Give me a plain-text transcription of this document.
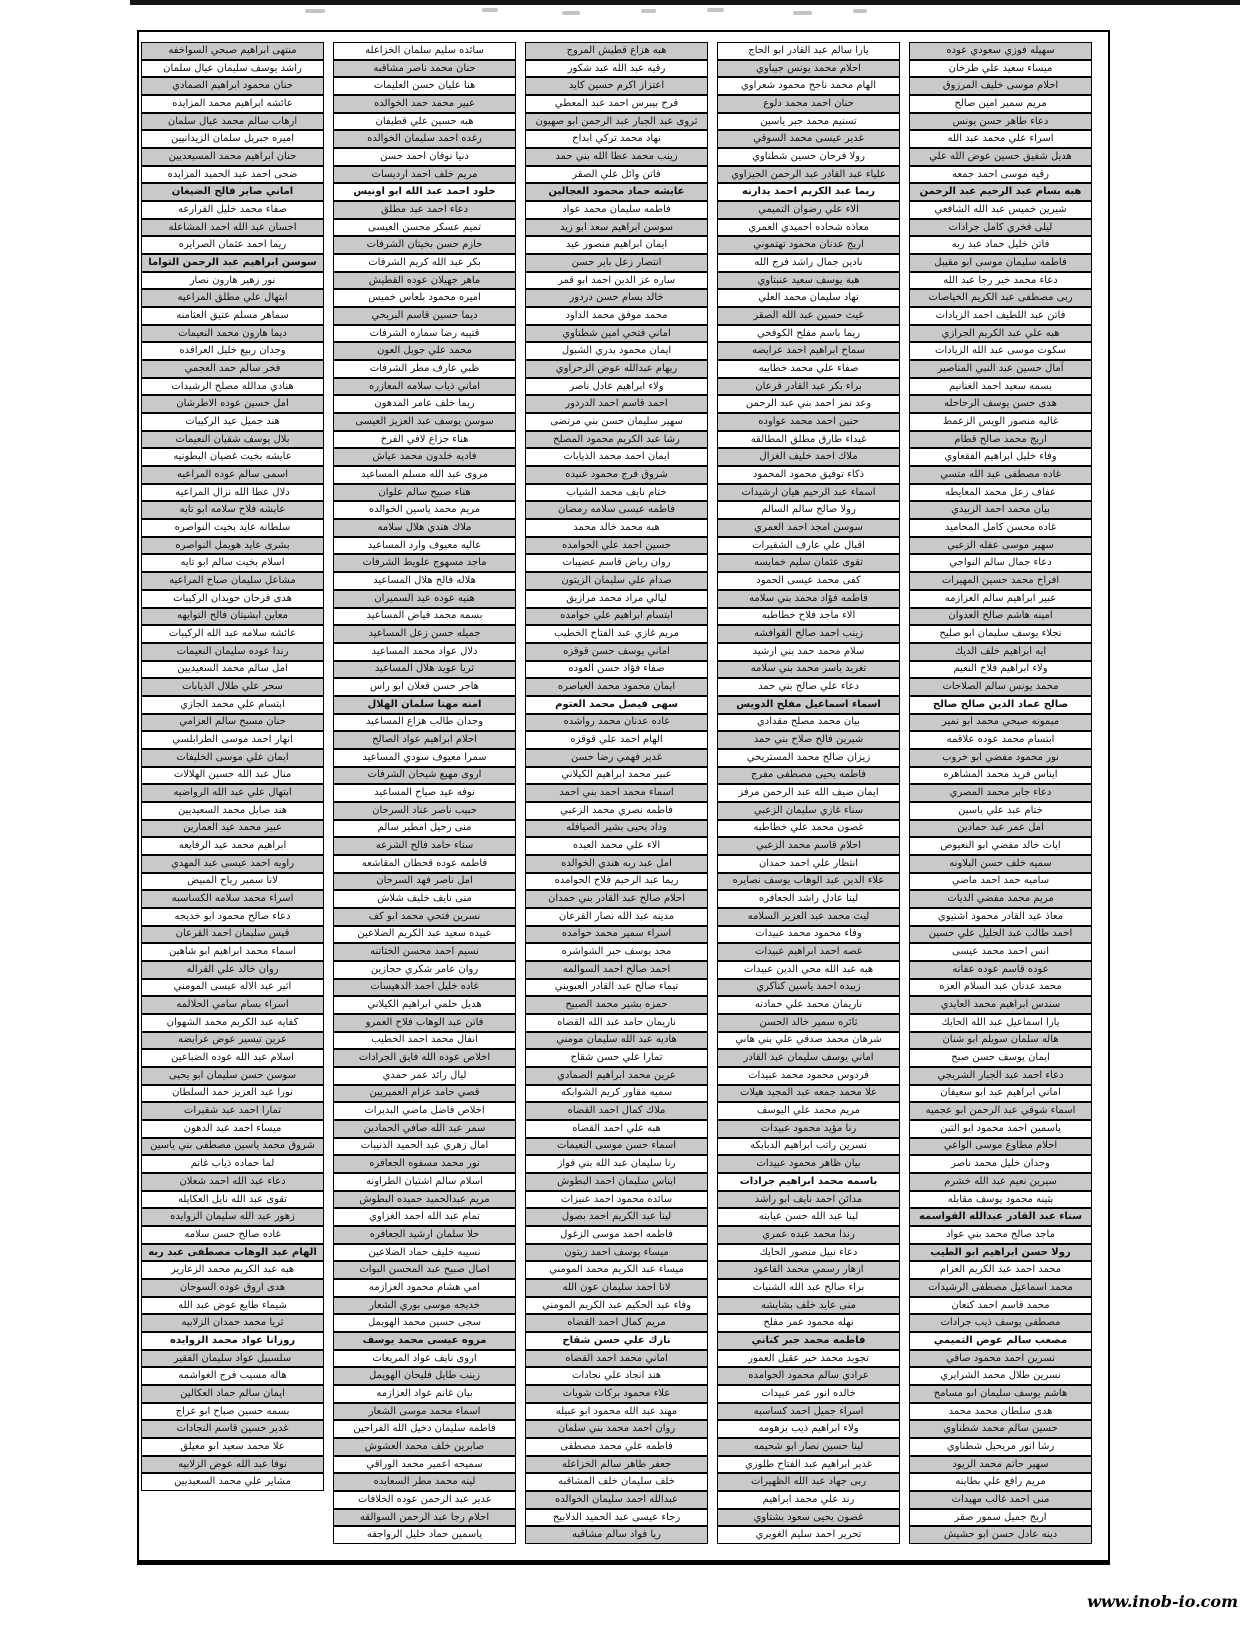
منتهى ابراهيم صبحي السواخفه
راشد يوسف سليمان عيال سلمان
حنان محمود ابراهيم الصمادي
عائشه ابراهيم محمد المزايده
ارهاب سالم محمد عيال سلمان
اميره جبريل سلمان الزيدانيين
حنان ابراهيم محمد المسيعديين
ضحى احمد عبد الحميد المزايده
اماني صابر فالح الضيغان
صفاء محمد خليل القرارعه
احسان عبد الله احمد المشاعله
ريما احمد عثمان الصرايره
سوسن ابراهيم عبد الرحمن التواما
نور زهير هارون نصار
ابتهال علي مطلق المراعيه
سماهر مسلم عتيق العثامنه
ديما هارون محمد النعيمات
وجدان ربيع خليل العرافده
فخر سالم حمد العجمي
هنادي مدالله مصلح الرشيدات
امل حسين عوده الاطرشان
هند جميل عيد الركيبات
بلال يوسف شقيان النعيمات
عايشه بخيت غضيان البطونيه
اسمى سالم عوده المراعيه
دلال عطا الله نزال المراعيه
عايشه فلاح سلامه ابو تايه
سلطانه عايد بخيت النواصره
بشرى عايد هويمل النواصره
اسلام بخيت سالم ابو تايه
مشاعل سليمان صباح المراعيه
هدى فرحان حويدان الركيبات
معاين ابشيتان فالح التوايهه
عائشه سلامه عبد الله الركيبات
رندا عوده سليمان النعيمات
امل سالم محمد السعيديين
سحر علي طلال الذيابات
ابتسام علي محمد الجازي
حنان مسبح سالم العزامي
انهار احمد موسى الطرابلسي
ايمان علي موسى الخليفات
منال عبد الله حسين الهلالات
ابتهال علي عبد الله الرواضيه
هند صايل محمد السعيديين
عبير محمد عيد العمارين
ابراهيم محمد عيد الرفايعه
راويه احمد عيسى عبد المهدي
لانا سمير رباح المبيض
اسراء محمد سلامه الكساسبه
دعاء صالح محمود ابو خديجه
قيس سليمان احمد القرعان
اسماء محمد ابراهيم ابو شاهين
روان خالد علي القراله
اثير عبد الاله عيسى المومني
اسراء بسام سامي الحلالمه
كفايه عبد الكريم محمد الشهوان
عرين تيسير عوض عرايضه
اسلام عبد الله عوده الضباعين
سوسن حسن سليمان ابو يحيى
نورا عبد العزيز حمد السلطان
تمارا احمد عبد شقيرات
ميساء احمد عيد الدهون
شروق محمد ياسين مصطفى بني ياسين
لما حماده ذياب غانم
دعاء عبد الله احمد شعلان
تقوى عبد الله نايل العكايله
زهور عبد الله سليمان الزوايده
غاده صالح حسن سلامه
الهام عبد الوهاب مصطفى عبد ربه
هبه عبد الكريم محمد الزعارير
هدى اروق عوده السوحان
شيماء طايع عوض عبد الله
ثريا محمد حمدان الزلابيه
روزانا عواد محمد الزوايده
سلسبيل عواد سليمان الفقير
هاله مسيب فرج الغواشمه
ايمان سالم حماد العكالين
بسمه حسين صباح ابو عراج
غدير حسين قاسم النجادات
علا محمد سعيد ابو معيلق
نوفا عبد الله عوض الزلابيه
مشاير علي محمد السعيديين
سائده سليم سلمان الخزاعله
حنان محمد ناصر مشاقبه
هنا عليان حسن العليمات
عبير محمد حمد الخوالده
هبه حسين علي قطيفان
رغده احمد سليمان الخوالده
دنيا نوفان احمد حسن
مريم خلف احمد ارديسات
خلود احمد عبد الله ابو اونيس
دعاء احمد عبد مطلق
تميم عسكر محسن العيسى
حازم حسن بخيتان الشرفات
بكر عبد الله كريم الشرفات
ماهر جهيلان عوده القطيش
اميره محمود بلعاس خميس
ديما حسين قاسم البريحي
قتيبه رضا سماره الشرفات
محمد علي جويل العون
ظبي عارف مطر الشرفات
اماني ذياب سلامه المعازره
ريما خلف عامر المدهون
سوسن يوسف عبد العزيز العيسى
هناء جزاع لافي الفرخ
فاديه خلدون محمد عياش
مروى عبد الله مسلم المساعيد
هناء صبيح سالم علوان
مريم محمد ياسين الخوالده
ملاك هندي هلال سلامه
عاليه معيوف وارد المساعيد
ماجد مسهوج علويط الشرفات
هلاله فالح هلال المساعيد
هنيه عوده عيد السميران
بسمه محمد فياض المساعيد
جميله حسن زعل المساعيد
دلال عواد محمد المساعيد
ثريا عويد هلال المساعيد
هاجر حسن قعلان ابو راس
امنه مهنا سلمان الهلال
وجدان طالب هزاع المساعيد
احلام ابراهيم عواد الصالح
سمرا معيوف سودي المساعيد
اروى مهيع شيحان الشرفات
نوفه عيد صياح المساعيد
حبيب ناصر عناد السرحان
منى رحيل امطير سالم
سناء حامد فالح الشرعه
فاطمه عوده قحطان المقاشعه
امل ناصر فهد السرحان
منى نايف خليف شلاش
نسرين فتحي محمد ابو كف
عبيده سعيد عبد الكريم الضلاعين
نسيم احمد محسن الختاتنه
روان عامر شكري حجازين
غاده خليل احمد الدهيسات
هديل حلمي ابراهيم الكيلاني
فاتن عبد الوهاب فلاح العمرو
انفال محمد احمد الخطيب
اخلاص عوده الله فايق الجرادات
ليال رائد عمر حمدي
قصي حامد عزام العميريين
اخلاص فاضل ماضي البديرات
سمر عبد الله صافي الحمادين
امال زهري عبد الحميد الذنيبات
نور محمد مسفوه الجعافره
اسلام سالم اشتيان الطراونه
مريم عبدالحميد حميده البطوش
تمام عبد الله احمد الغزاوي
حلا سلمان ارشيد الجعافره
نسيبه خليف حماد الضلاعين
اصال صبيح عبد المحسن البوات
امي هشام محمود العزازمه
خديجه موسى بوري الشعار
سجى حسين محمد الهويمل
مروه عيسى محمد يوسف
اروى نايف عواد المريعات
زينب طايل فليحان الهويمل
بيان غانم عواد العزازمه
اسماء محمد موسى الشعار
فاطمه سليمان دخيل الله الفراحين
صابرين خلف محمد العشوش
سميحه اعمير محمد الوراقي
لينه محمد مطر السعايده
غدير عبد الرحمن عوده الخلافات
احلام رجا عبد الرحمن السوالقه
ياسمين حماد خليل الرواجفه
هبه هزاع قطيش المروج
رقيه عبد الله عبد شكور
اعتزاز اكرم حسين كايد
فرح بيبرس احمد عبد المعطي
ثروى عبد الجبار عبد الرحمن ابو صهيون
نهاد محمد تركي ابداح
زينب محمد عطا الله بني حمد
فاتن وائل علي الصقر
عايشه حماد محمود العجالين
فاطمه سليمان محمد عواد
سوسن ابراهيم سعد ابو زيد
ايمان ابراهيم منصور عيد
انتصار زعل باير حسن
ساره عز الدين احمد ابو قمر
خالد بسام حسن دردور
محمد موفق محمد الداود
اماني فتحي امين شطناوي
ايمان محمود بدري الشبول
ريهام عبدالله عوض الزحراوي
ولاء ابراهيم عادل ناصر
احمد قاسم احمد الدردور
سهير سليمان حسن بني مرتضى
رشا عبد الكريم محمود المصلح
ايمان احمد محمد الذيابات
شروق فرج محمود عنيده
ختام نايف محمد الشياب
فاطمه عيسى سلامه رمضان
هبه محمد خالد محمد
حسين احمد علي الحوامده
روان رياض قاسم عضيبات
صدام علي سليمان الزيتون
ليالي مراد محمد مرازيق
ابتسام ابراهيم علي حوامده
مريم غازي عبد الفتاح الخطيب
اماني يوسف حسن قوقزه
صفاء فؤاد حسن العوده
ايمان محمود محمد العياصره
سهى فيصل محمد العتوم
غاده عدنان محمد رواشده
الهام احمد علي قوقزه
غدير فهمي رضا حسن
عبير محمد ابراهيم الكيلاني
اسماء محمد احمد بني احمد
فاطمه نصري محمد الزعبي
وداد يحيى بشير الصيافله
الاء علي محمد العبده
امل عبد ربه هندي الخوالده
ريما عبد الرحيم فلاح الحوامده
احلام صالح عبد القادر بني حمدان
مدينه عبد الله نصار القرعان
اسراء سمير محمد حوامده
مجد يوسف جبر الشواشره
احمد صالح احمد السوالمه
تيماء صالح عبد القادر العبويني
حمزه بشير محمد الصبيح
ناريمان حامد عبد الله القضاه
هاديه عبد الله سليمان مومني
تمارا علي حسن شقاح
عرين محمد ابراهيم الصمادي
سميه مقاور كريم الشوابكه
ملاك كمال احمد القضاه
هبه علي احمد القضاه
اسماء حسن موسى النعيمات
رنا سليمان عبد الله بني فواز
ايناس سليمان احمد البطوش
سائده محمود احمد عنيزات
لينا عبد الكريم احمد بصول
فاطمه احمد موسى الزغول
ميساء يوسف احمد زيتون
ميساء عبد الكريم محمد المومني
لانا احمد سليمان عون الله
وفاء عبد الحكيم عبد الكريم المومني
مريم كمال احمد القضاه
نازك علي حسن شقاح
اماني محمد احمد القضاه
هند انجاد علي نجادات
علاء محمود بركات شويات
مهند عبد الله محمود ابو عبيله
روان احمد محمد بني سلمان
فاطمه علي محمد مصطفى
جعفر طاهر سالم الخزاعله
خلف سليمان خلف المشاقبه
عبدالله احمد سليمان الخوالده
رجاء عيسى عبد الحميد الدلابيح
ريا فواد سالم مشاقبه
يارا سالم عبد القادر ابو الحاج
احلام محمد يونس جيباوي
الهام محمد ناجح محمود شعراوي
حنان احمد محمد دلوع
تسنيم محمد جبر ياسين
غدير عيسى محمد السوقي
رولا فرحان حسين شطناوي
علياء عبد القادر عبد الرحمن الجيزاوي
ريما عبد الكريم احمد يدارنه
الاء علي رضوان التميمي
معاذه شحاده احميدي العمري
اريج عدنان محمود تهتموني
نادين جمال راشد فرج الله
هبة يوسف سعيد عنبتاوي
نهاد سليمان محمد العلي
غيث حسين عبد الله الصقر
ريما باسم مفلح الكوفحي
سماح ابراهيم احمد عرايضه
صفاء علي محمد خطايبه
براء بكر عبد القادر قرعان
وعد نمر احمد بني عبد الرحمن
حنين احمد محمد عواوده
غيداء طارق مطلق المطالقه
ملاك احمد خليف الغزال
ذكاء توفيق محمود المحمود
اسماء عبد الرحيم هيان ارشيدات
رولا صالح سالم السالم
سوسن امجد احمد العمري
اقبال علي عارف الشقيرات
تقوى عثمان سليم خمايسه
كفى محمد عيسى الحمود
فاطمه فؤاد محمد بني سلامه
الاء ماجد فلاح خطاطبه
زينب احمد صالح القوافشه
سلام محمد حمد بني ارشيد
تغريد ياسر محمد بني سلامه
دعاء علي صالح بني حمد
اسماء اسماعيل مفلح الدويس
بيان محمد مصلح مقدادي
شيرين فالح صلاح بني حمد
زيزان صالح محمد المستريحي
فاطمه يحيى مصطفى مفرج
ايمان ضيف الله عبد الرحمن مرفز
سناء غازي سليمان الزعبي
غصون محمد علي خطاطبه
احلام قاسم محمد الزعبي
انتظار علي احمد حمدان
علاء الدين عبد الوهاب يوسف نصايره
لينا عادل راشد الجعافره
ليث محمد عبد العزيز السلامه
وفاء محمود محمد عبيدات
غصه احمد ابراهيم عبيدات
هبه عبد الله محي الدين عبيدات
زبيده احمد ياسين كناكري
ناريمان محمد علي حمادنه
ثائره سمير خالد الحسن
شرهان محمد صدقي علي بني هاني
اماني يوسف سليمان عبد القادر
فردوس محمود محمد عبيدات
علا محمد جمعه عبد المجيد هيلات
مريم محمد علي اليوسف
رنا مؤيد محمود عبيدات
نسرين راتب ابراهيم الدبابكه
بيان ظاهر محمود عبيدات
باسمه محمد ابراهيم جرادات
مدائن احمد نايف ابو راشد
لينا عبد الله حسن عيابنه
رندا محمد عبده عمري
دعاء نبيل منصور الحايك
ازهار رسمي محمد القاعود
براء صالح عبد الله الشنيات
منى عايد خلف بشايشه
نهله محمود عمر مفلح
فاطمه محمد جبر كناني
تجويد محمد خير عقيل العمور
عرادي سالم محمود الحوامده
خالده انور عمر عبيدات
اسراء جميل احمد كساسبه
ولاء ابراهيم ذيب برهومه
لينا حسين نصار ابو شحيمه
غدير ابراهيم عبد الفتاح طلوزي
ربى جهاد عبد الله الظهيرات
رند علي محمد ابراهيم
غصون يحيى سعود بشتاوي
تحرير احمد سليم الغويري
سهيله فوزي سعودي عوده
ميساء سعيد علي طرخان
احلام موسى خليف المرزوق
مريم سمير امين صالح
دعاء طاهر حسن يونس
اسراء علي محمد عبد الله
هديل شفيق حسين عوض الله علي
رقيه موسى احمد جمعه
هبه بسام عبد الرحيم عبد الرحمن
شيرين خميس عبد الله الشافعي
ليلى فخري كامل جرادات
فاتن خليل حماد عبد ربه
فاطمه سليمان موسى ابو مقيبل
دعاء محمد خير رجا عبد الله
ربى مصطفى عبد الكريم الخياصات
فاتن عبد اللطيف احمد الزيادات
هبه علي عبد الكريم الجرازي
سكوت موسى عبد الله الزيادات
آمال حسين عبد النبي المناصير
بسمه سعيد احمد الغنانيم
هدى حسن يوسف الرحاحله
غاليه منصور الويس الزعمط
اريج محمد صالح قطام
وفاء خليل ابراهيم الفقعاوي
غاده مصطفى عبد الله متسي
عفاف زعل محمد المعايطه
بيان محمد احمد الزبيدي
غاده محسن كامل المحاميد
سهير موسى عقله الزعبي
دعاء جمال سالم النواجي
افراح محمد حسين المهيرات
عبير ابراهيم سالم العزازمه
امينه هاشم صالح العدوان
نجلاء يوسف سليمان ابو صليح
ايه ابراهيم خلف الديك
ولاء ابراهيم فلاح النعيم
محمد يونس سالم الصلاحات
صالح عماد الدين صالح صالح
ميمونه صبحي محمد ابو نمير
ابتسام محمد عوده علاقمه
نور محمود مفضي ابو خروب
ايناس فريد محمد المشاهره
دعاء جابر محمد المصري
ختام عبد علي ياسين
امل عمر عبد حمادين
ايات خالد مفضي ابو النعيوص
سميه خلف حسن البلاونه
ساميه حمد احمد ماضي
مريم محمد مفضي الديات
معاذ عبد القادر محمود اشتيوي
احمد طالب عبد الجليل علي حسين
انس احمد محمد عيسى
عوده قاسم عوده عفانه
محمد عدنان عبد السلام العزه
سندس ابراهيم محمد العايدي
يارا اسماعيل عبد الله الحايك
هاله سلمان سويلم ابو شنان
ايمان يوسف حسن صبح
دعاء احمد عبد الجبار الشريجي
اماني ابراهيم عبد ابو سعيفان
اسماء شوقي عبد الرحمن ابو عجميه
ياسمين احمد محمود ابو التين
احلام مطاوع موسى الواعي
وجدان خليل محمد ناصر
سيرين نعيم عبد الله خشرم
بثينه محمود يوسف مقابله
سناء عبد القادر عبدالله القواسمه
ماجد صالح محمد بني عواد
رولا حسن ابراهيم ابو الطيب
محمد احمد عبد الكريم العزام
محمد اسماعيل مصطفى الرشيدات
محمد قاسم احمد كنعان
مصطفى يوسف ذيب جرادات
مصعب سالم عوض التميمي
نسرين احمد محمود صافي
نسرين طلال محمد الشرايري
هاشم يوسف سليمان ابو مسامح
هدى سلطان محمد محمد
حسين سالم محمد شطناوي
رشا انور مريحيل شطناوي
سهير حاتم محمد الزيود
مريم رافع علي بطاينه
منى احمد غالب مهيدات
اريج جميل سمور صقر
دينه عادل حسن ابو حشيش
www.inob-io.com
